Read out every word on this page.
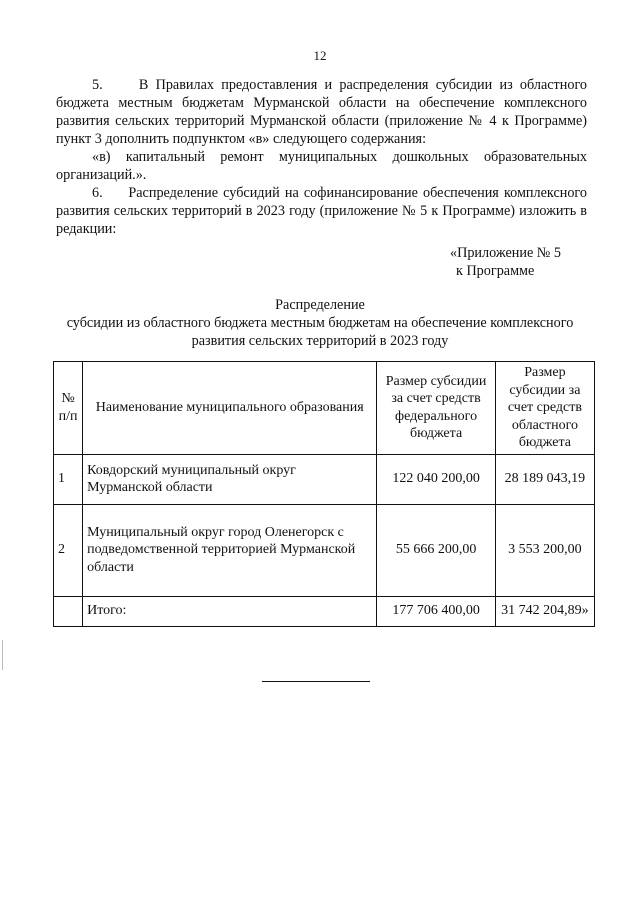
12

5.     В Правилах предоставления и распределения субсидии из областного бюджета местным бюджетам Мурманской области на обеспечение комплексного развития сельских территорий Мурманской области (приложение № 4 к Программе) пункт 3 дополнить подпунктом «в» следующего содержания:

«в) капитальный ремонт муниципальных дошкольных образовательных организаций.».

6.     Распределение субсидий на софинансирование обеспечения комплексного развития сельских территорий в 2023 году (приложение № 5 к Программе) изложить в редакции:

«Приложение № 5
к Программе
Распределение
субсидии из областного бюджета местным бюджетам на обеспечение комплексного развития сельских территорий в 2023 году
№ п/п	Наименование муниципального образования	Размер субсидии за счет средств федерального бюджета	Размер субсидии за счет средств областного бюджета
1	Ковдорский муниципальный округ Мурманской области	122 040 200,00	28 189 043,19
2	Муниципальный округ город Оленегорск с подведомственной территорией Мурманской области	55 666 200,00	3 553 200,00
	Итого:	177 706 400,00	31 742 204,89»
